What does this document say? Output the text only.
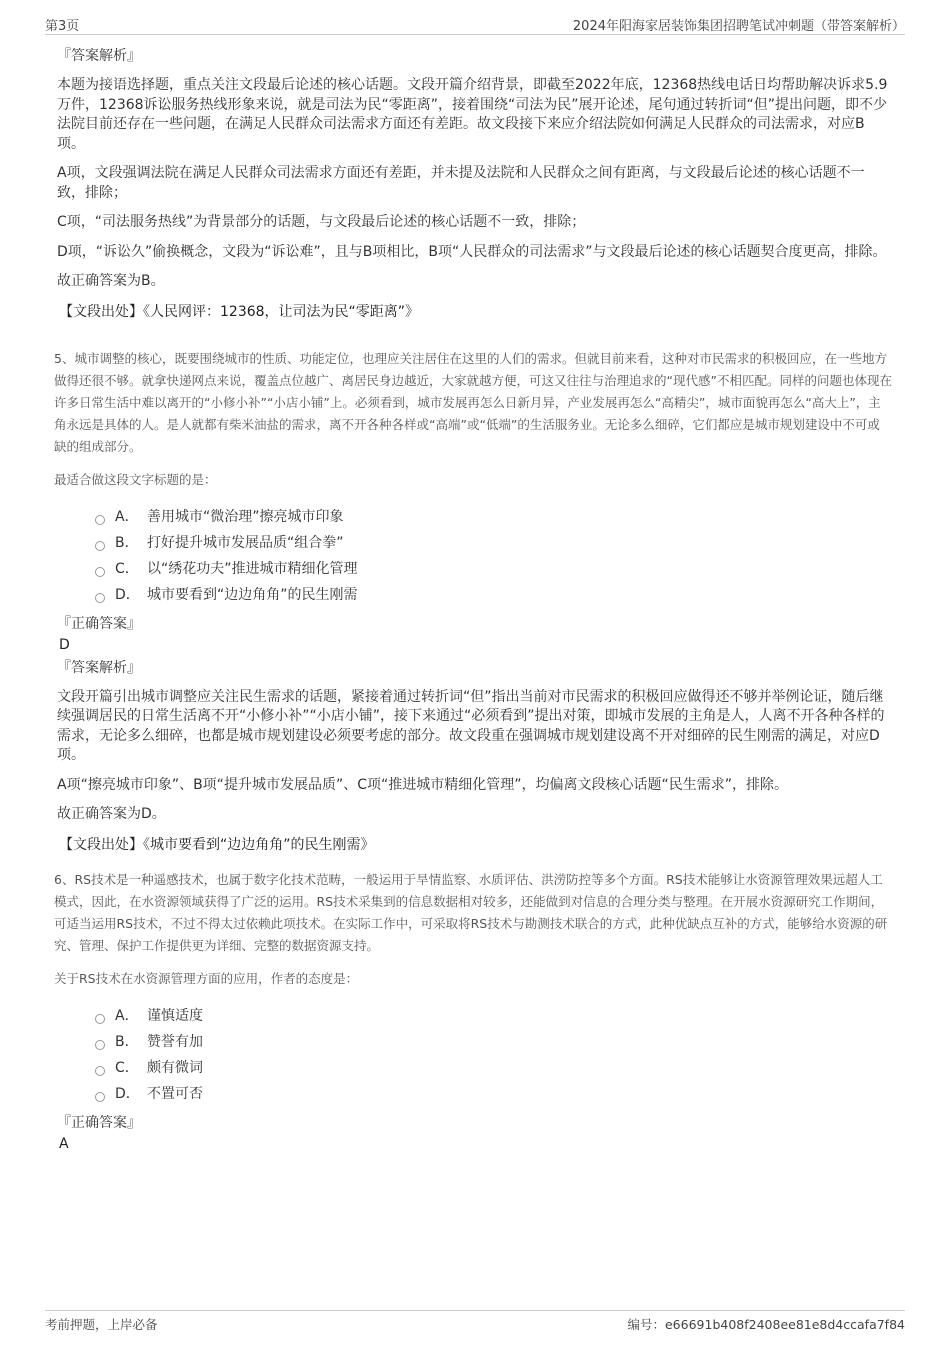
第3页	2024年阳海家居装饰集团招聘笔试冲刺题（带答案解析）
『答案解析』
本题为接语选择题，重点关注文段最后论述的核心话题。文段开篇介绍背景，即截至2022年底，12368热线电话日均帮助解决诉求5.9万件，12368诉讼服务热线形象来说，就是司法为民“零距离”，接着围绕“司法为民”展开论述，尾句通过转折词“但”提出问题，即不少法院目前还存在一些问题，在满足人民群众司法需求方面还有差距。故文段接下来应介绍法院如何满足人民群众的司法需求，对应B项。
A项，文段强调法院在满足人民群众司法需求方面还有差距，并未提及法院和人民群众之间有距离，与文段最后论述的核心话题不一致，排除；
C项，“司法服务热线”为背景部分的话题，与文段最后论述的核心话题不一致，排除；
D项，“诉讼久”偷换概念，文段为“诉讼难”，且与B项相比，B项“人民群众的司法需求”与文段最后论述的核心话题契合度更高，排除。
故正确答案为B。
【文段出处】《人民网评：12368，让司法为民“零距离”》
5、城市调整的核心，既要围绕城市的性质、功能定位，也理应关注居住在这里的人们的需求。但就目前来看，这种对市民需求的积极回应，在一些地方做得还很不够。就拿快递网点来说，覆盖点位越广、离居民身边越近，大家就越方便，可这又往往与治理追求的“现代感”不相匹配。同样的问题也体现在许多日常生活中难以离开的“小修小补”“小店小铺”上。必须看到，城市发展再怎么日新月异，产业发展再怎么“高精尖”，城市面貌再怎么“高大上”，主角永远是具体的人。是人就都有柴米油盐的需求，离不开各种各样或“高端”或“低端”的生活服务业。无论多么细碎，它们都应是城市规划建设中不可或缺的组成部分。
最适合做这段文字标题的是：
A． 善用城市“微治理”擦亮城市印象
B． 打好提升城市发展品质“组合拳”
C． 以“绣花功夫”推进城市精细化管理
D． 城市要看到“边边角角”的民生刚需
『正确答案』
D
『答案解析』
文段开篇引出城市调整应关注民生需求的话题，紧接着通过转折词“但”指出当前对市民需求的积极回应做得还不够并举例论证，随后继续强调居民的日常生活离不开“小修小补”“小店小铺”，接下来通过“必须看到”提出对策，即城市发展的主角是人，人离不开各种各样的需求，无论多么细碎，也都是城市规划建设必须要考虑的部分。故文段重在强调城市规划建设离不开对细碎的民生刚需的满足，对应D项。
A项“擦亮城市印象”、B项“提升城市发展品质”、C项“推进城市精细化管理”，均偏离文段核心话题“民生需求”，排除。
故正确答案为D。
【文段出处】《城市要看到“边边角角”的民生刚需》
6、RS技术是一种遥感技术，也属于数字化技术范畴，一般运用于旱情监察、水质评估、洪涝防控等多个方面。RS技术能够让水资源管理效果远超人工模式，因此，在水资源领域获得了广泛的运用。RS技术采集到的信息数据相对较多，还能做到对信息的合理分类与整理。在开展水资源研究工作期间，可适当运用RS技术，不过不得太过依赖此项技术。在实际工作中，可采取将RS技术与勘测技术联合的方式，此种优缺点互补的方式，能够给水资源的研究、管理、保护工作提供更为详细、完整的数据资源支持。
关于RS技术在水资源管理方面的应用，作者的态度是：
A． 谨慎适度
B． 赞誉有加
C． 颇有微词
D． 不置可否
『正确答案』
A
考前押题，上岸必备	编号：e66691b408f2408ee81e8d4ccafa7f84
